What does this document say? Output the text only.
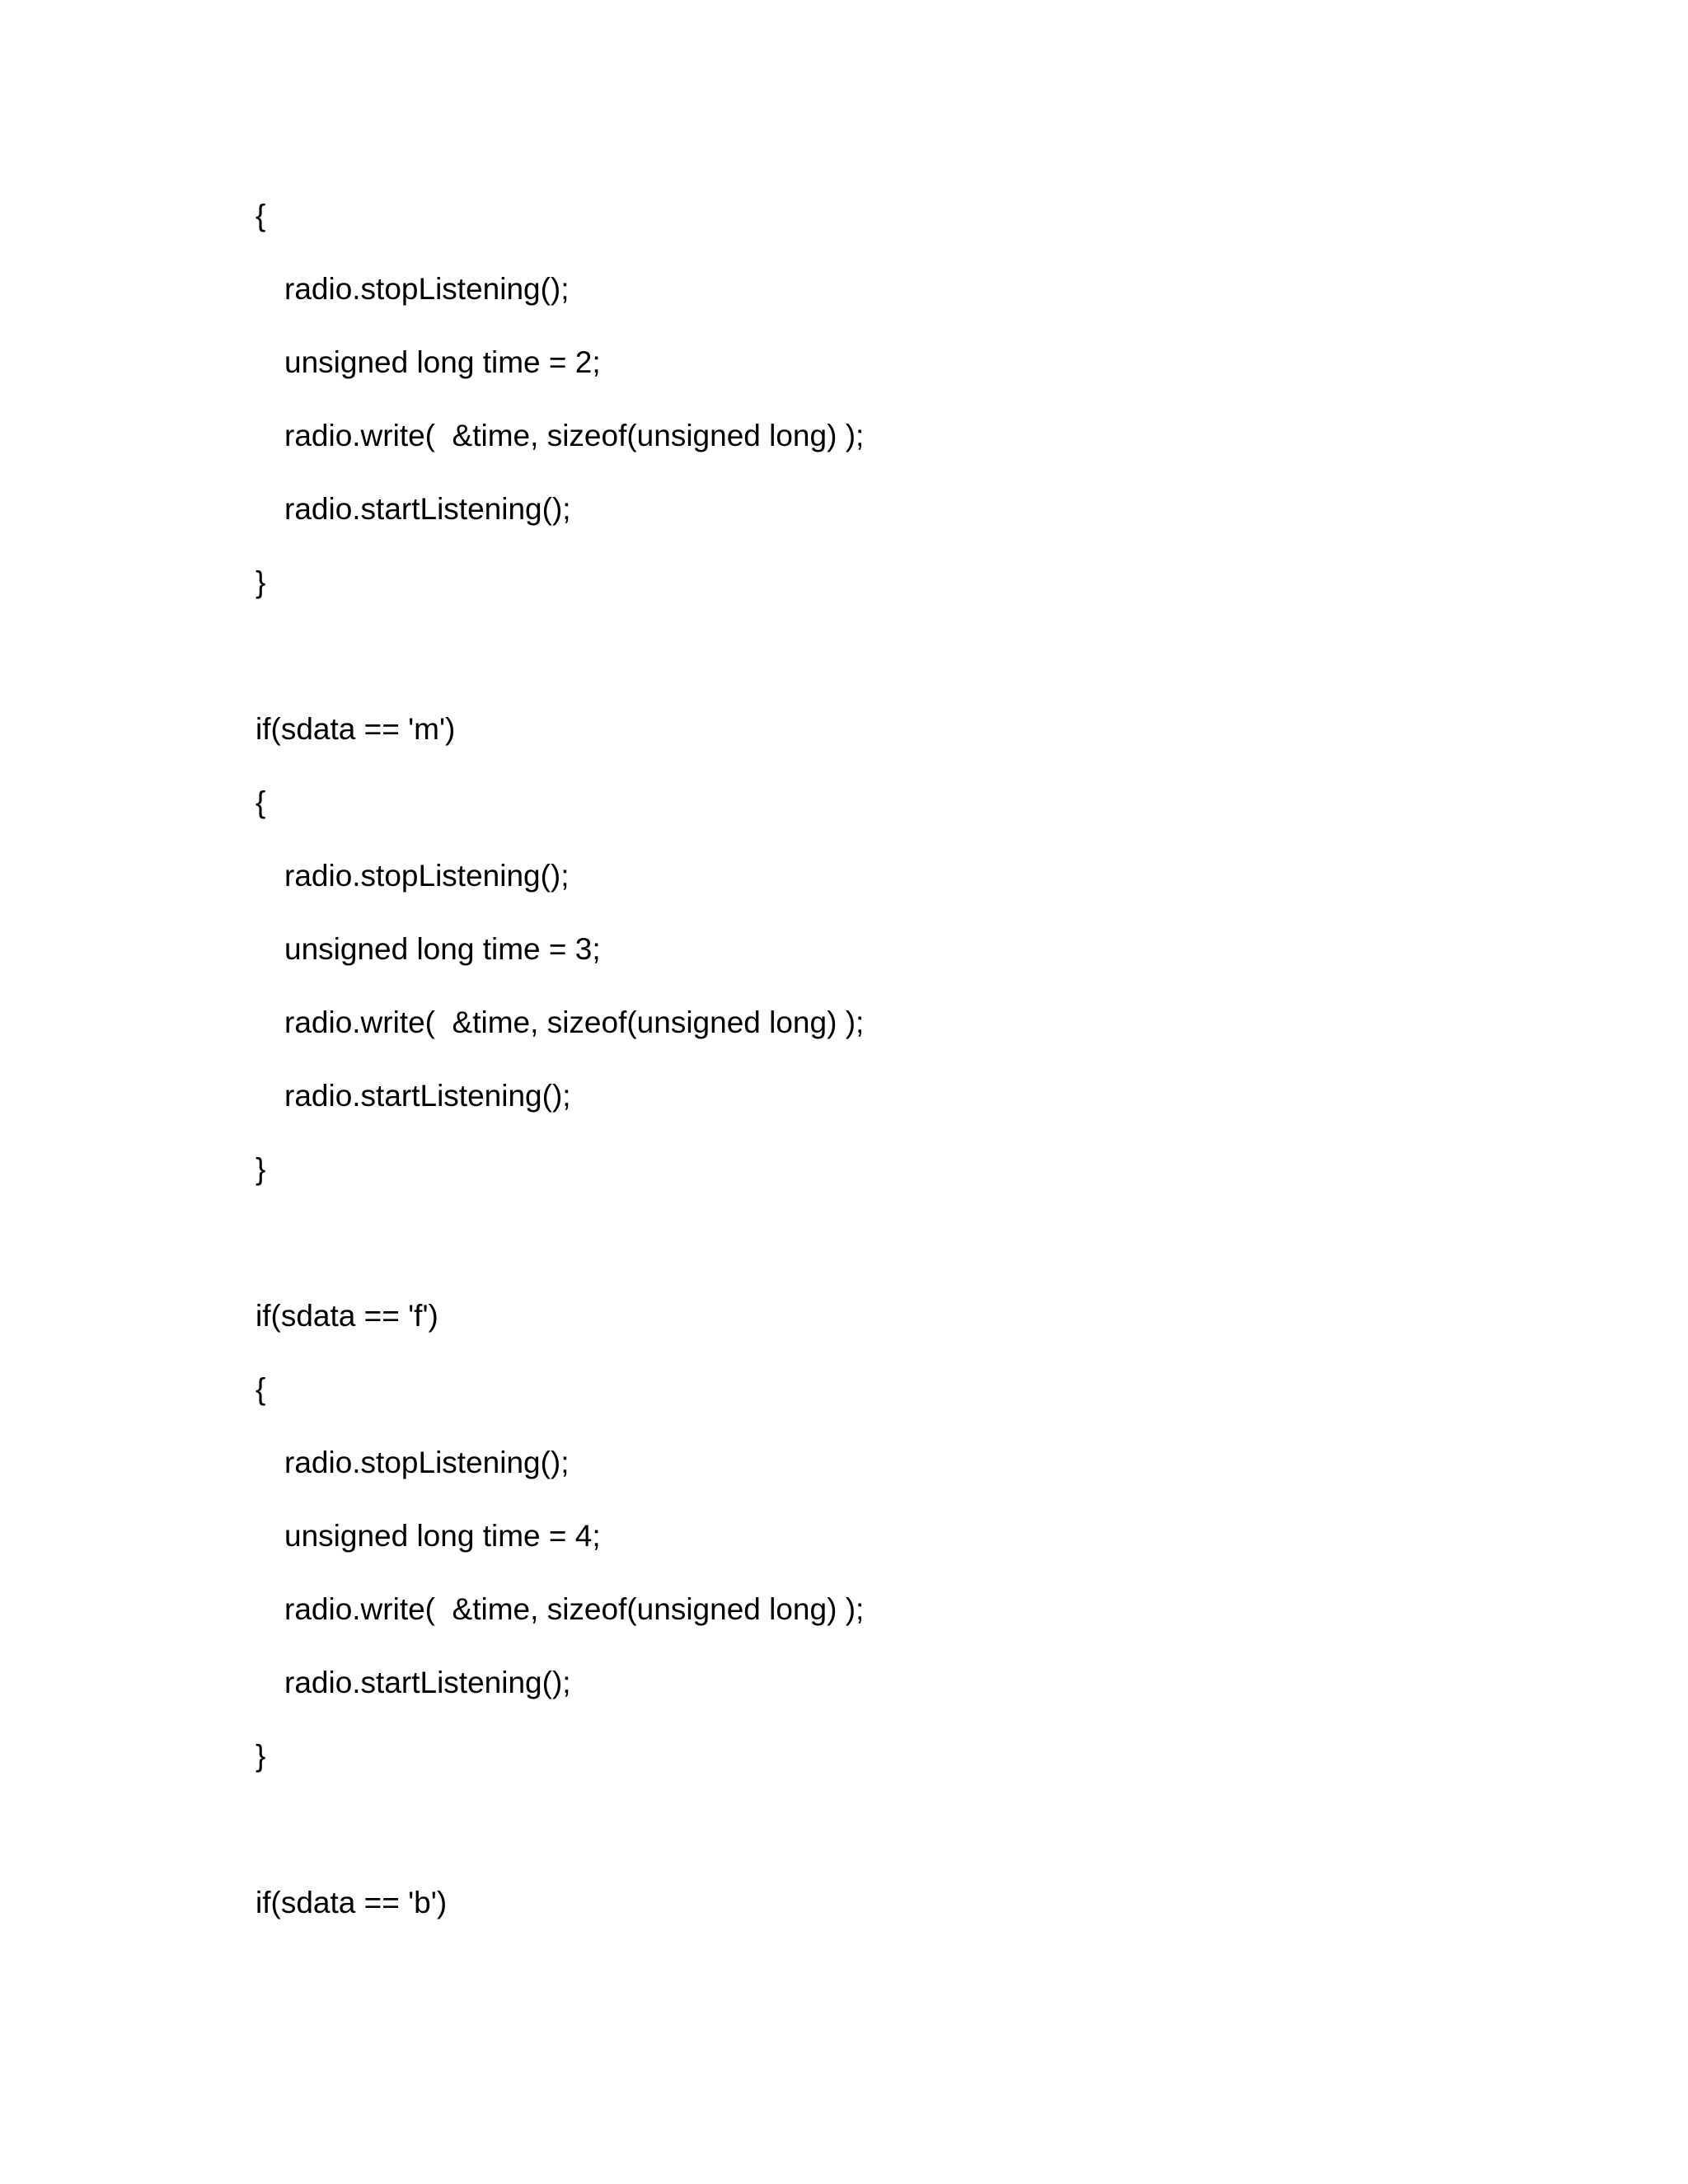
{
radio.stopListening();
unsigned long time = 2;
radio.write(  &time, sizeof(unsigned long) );
radio.startListening();
}
if(sdata == 'm')
{
radio.stopListening();
unsigned long time = 3;
radio.write(  &time, sizeof(unsigned long) );
radio.startListening();
}
if(sdata == 'f')
{
radio.stopListening();
unsigned long time = 4;
radio.write(  &time, sizeof(unsigned long) );
radio.startListening();
}
if(sdata == 'b')
